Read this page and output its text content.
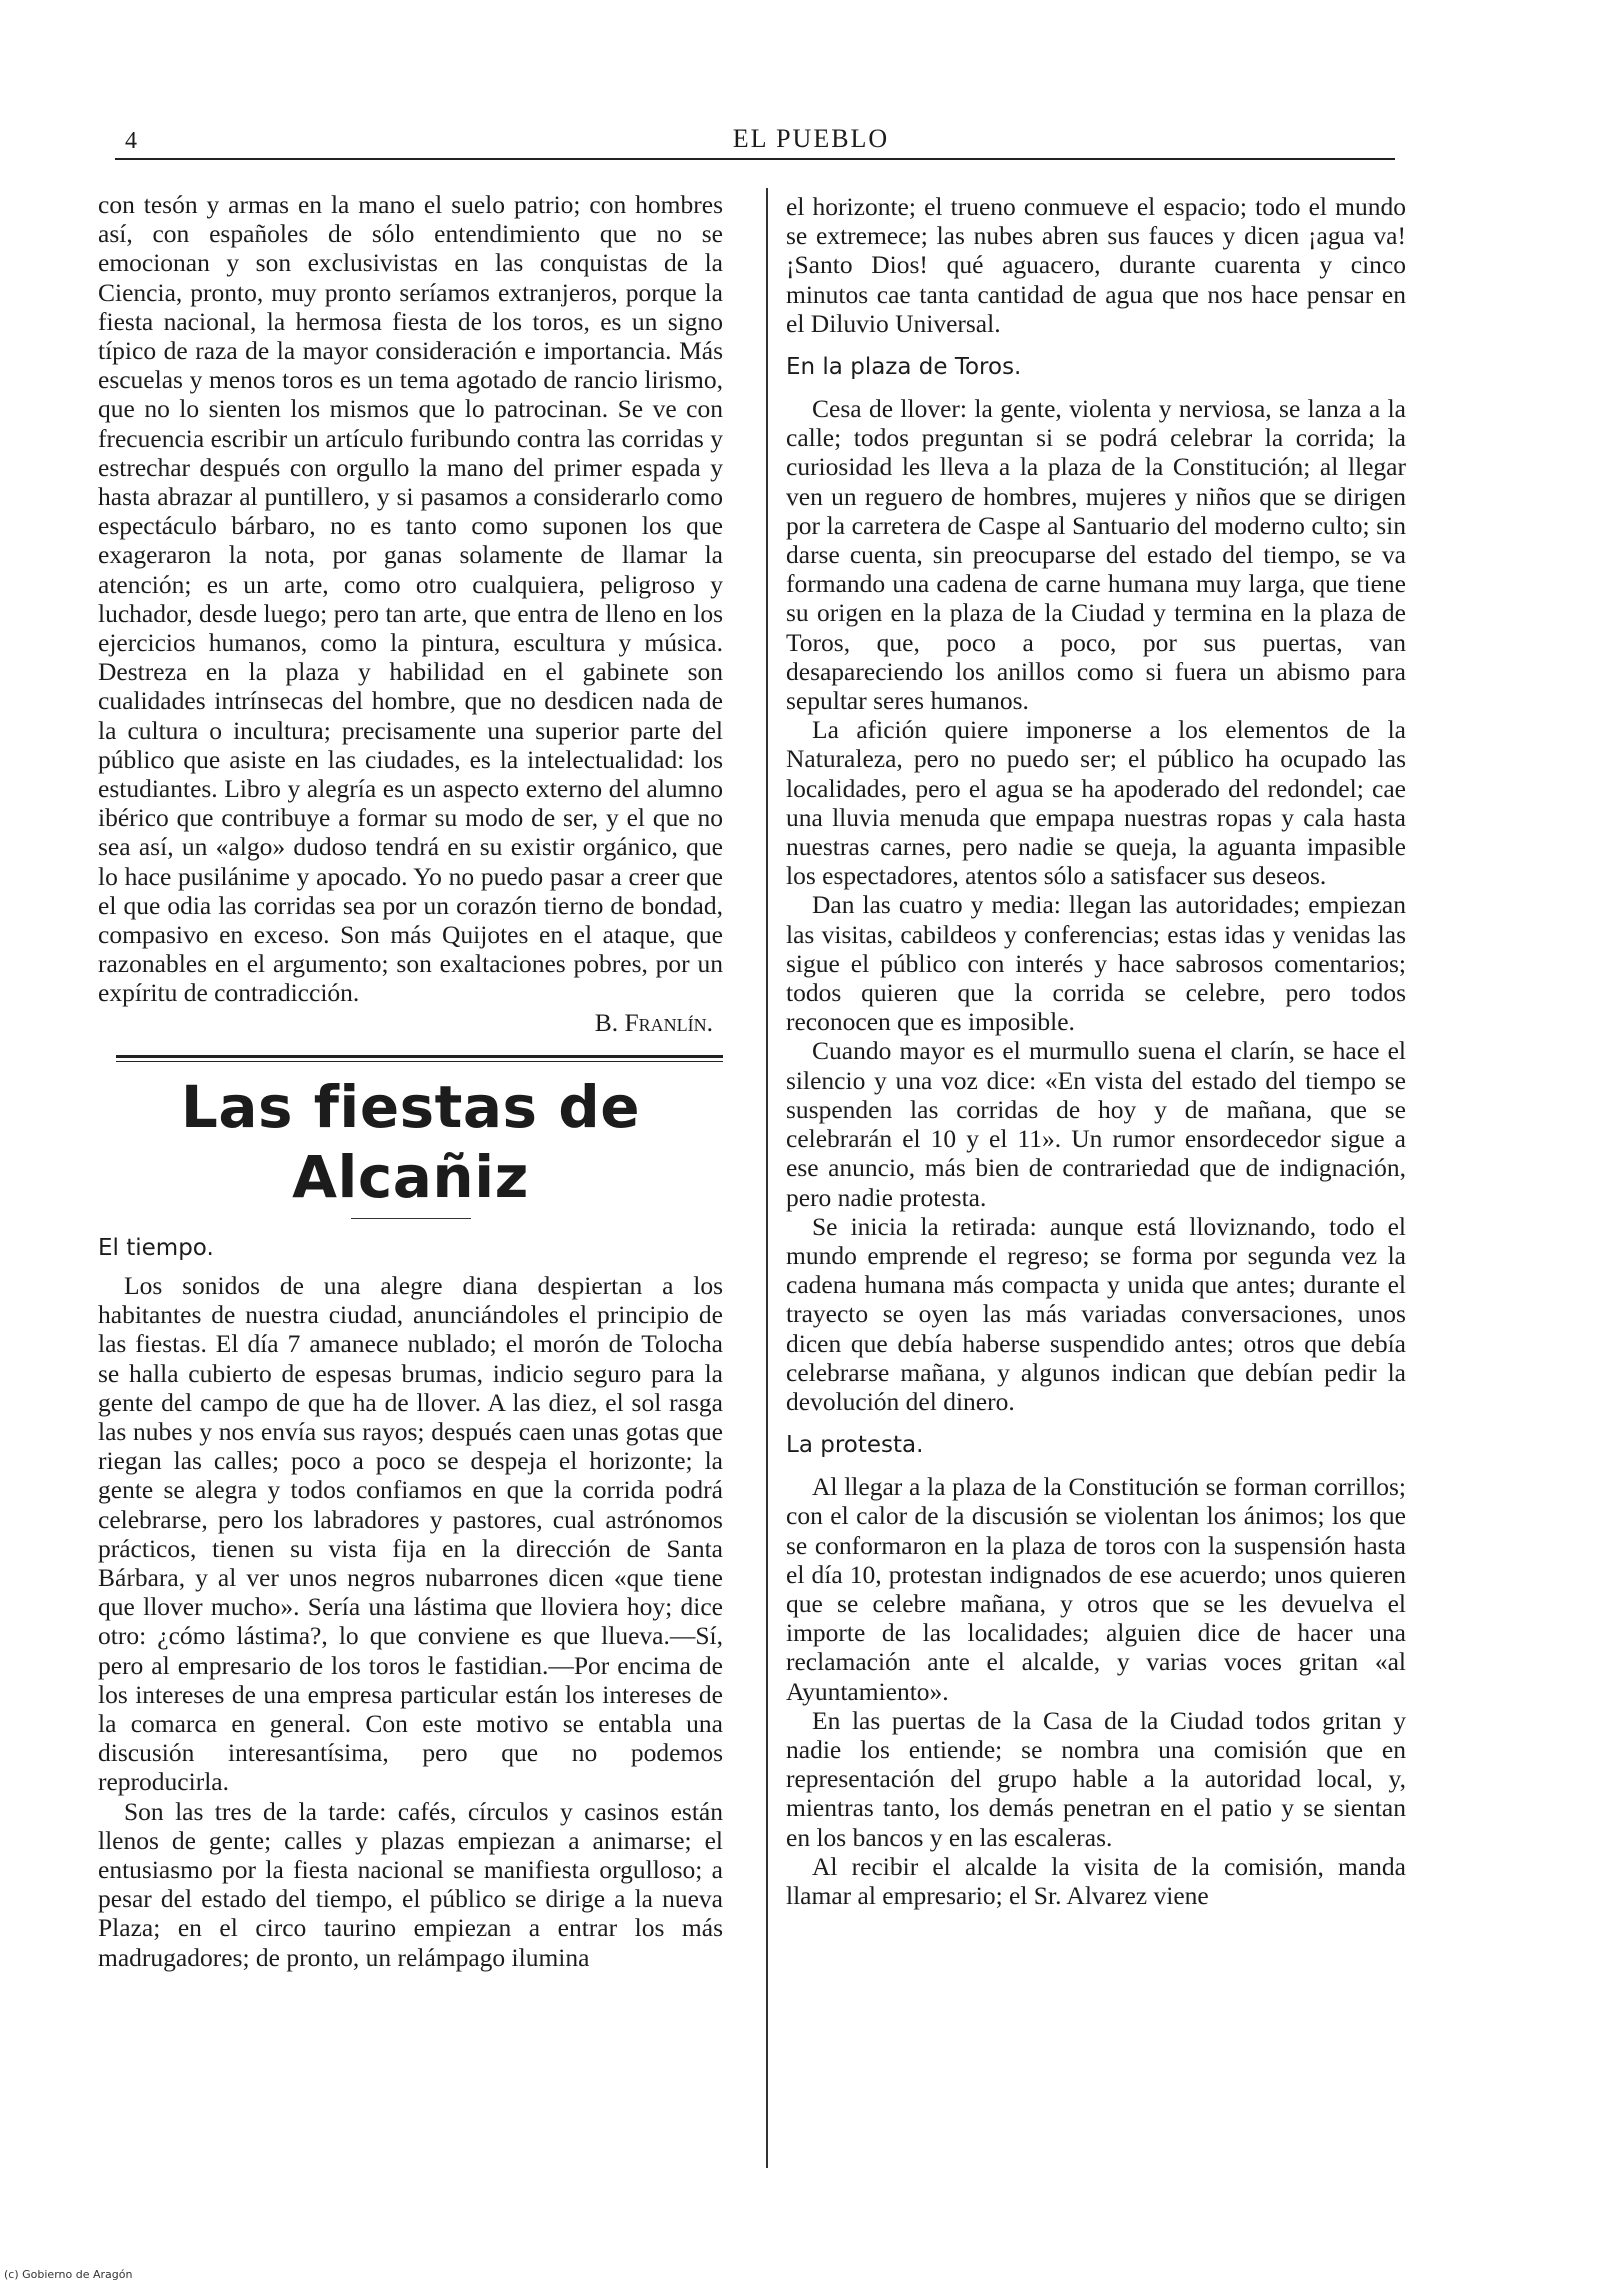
4	EL PUEBLO

con tesón y armas en la mano el suelo patrio; con hombres así, con españoles de sólo entendimiento que no se emocionan y son exclusivistas en las conquistas de la Ciencia, pronto, muy pronto seríamos extranjeros, porque la fiesta nacional, la hermosa fiesta de los toros, es un signo típico de raza de la mayor consideración e importancia. Más escuelas y menos toros es un tema agotado de rancio lirismo, que no lo sienten los mismos que lo patrocinan. Se ve con frecuencia escribir un artículo furibundo contra las corridas y estrechar después con orgullo la mano del primer espada y hasta abrazar al puntillero, y si pasamos a considerarlo como espectáculo bárbaro, no es tanto como suponen los que exageraron la nota, por ganas solamente de llamar la atención; es un arte, como otro cualquiera, peligroso y luchador, desde luego; pero tan arte, que entra de lleno en los ejercicios humanos, como la pintura, escultura y música. Destreza en la plaza y habilidad en el gabinete son cualidades intrínsecas del hombre, que no desdicen nada de la cultura o incultura; precisamente una superior parte del público que asiste en las ciudades, es la intelectualidad: los estudiantes. Libro y alegría es un aspecto externo del alumno ibérico que contribuye a formar su modo de ser, y el que no sea así, un «algo» dudoso tendrá en su existir orgánico, que lo hace pusilánime y apocado. Yo no puedo pasar a creer que el que odia las corridas sea por un corazón tierno de bondad, compasivo en exceso. Son más Quijotes en el ataque, que razonables en el argumento; son exaltaciones pobres, por un expíritu de contradicción.

B. Franlín.
Las fiestas de Alcañiz
El tiempo.

Los sonidos de una alegre diana despiertan a los habitantes de nuestra ciudad, anunciándoles el principio de las fiestas. El día 7 amanece nublado; el morón de Tolocha se halla cubierto de espesas brumas, indicio seguro para la gente del campo de que ha de llover. A las diez, el sol rasga las nubes y nos envía sus rayos; después caen unas gotas que riegan las calles; poco a poco se despeja el horizonte; la gente se alegra y todos confiamos en que la corrida podrá celebrarse, pero los labradores y pastores, cual astrónomos prácticos, tienen su vista fija en la dirección de Santa Bárbara, y al ver unos negros nubarrones dicen «que tiene que llover mucho». Sería una lástima que lloviera hoy; dice otro: ¿cómo lástima?, lo que conviene es que llueva.—Sí, pero al empresario de los toros le fastidian.—Por encima de los intereses de una empresa particular están los intereses de la comarca en general. Con este motivo se entabla una discusión interesantísima, pero que no podemos reproducirla.

Son las tres de la tarde: cafés, círculos y casinos están llenos de gente; calles y plazas empiezan a animarse; el entusiasmo por la fiesta nacional se manifiesta orgulloso; a pesar del estado del tiempo, el público se dirige a la nueva Plaza; en el circo taurino empiezan a entrar los más madrugadores; de pronto, un relámpago ilumina

el horizonte; el trueno conmueve el espacio; todo el mundo se extremece; las nubes abren sus fauces y dicen ¡agua va! ¡Santo Dios! qué aguacero, durante cuarenta y cinco minutos cae tanta cantidad de agua que nos hace pensar en el Diluvio Universal.

En la plaza de Toros.

Cesa de llover: la gente, violenta y nerviosa, se lanza a la calle; todos preguntan si se podrá celebrar la corrida; la curiosidad les lleva a la plaza de la Constitución; al llegar ven un reguero de hombres, mujeres y niños que se dirigen por la carretera de Caspe al Santuario del moderno culto; sin darse cuenta, sin preocuparse del estado del tiempo, se va formando una cadena de carne humana muy larga, que tiene su origen en la plaza de la Ciudad y termina en la plaza de Toros, que, poco a poco, por sus puertas, van desapareciendo los anillos como si fuera un abismo para sepultar seres humanos.

La afición quiere imponerse a los elementos de la Naturaleza, pero no puedo ser; el público ha ocupado las localidades, pero el agua se ha apoderado del redondel; cae una lluvia menuda que empapa nuestras ropas y cala hasta nuestras carnes, pero nadie se queja, la aguanta impasible los espectadores, atentos sólo a satisfacer sus deseos.

Dan las cuatro y media: llegan las autoridades; empiezan las visitas, cabildeos y conferencias; estas idas y venidas las sigue el público con interés y hace sabrosos comentarios; todos quieren que la corrida se celebre, pero todos reconocen que es imposible.

Cuando mayor es el murmullo suena el clarín, se hace el silencio y una voz dice: «En vista del estado del tiempo se suspenden las corridas de hoy y de mañana, que se celebrarán el 10 y el 11». Un rumor ensordecedor sigue a ese anuncio, más bien de contrariedad que de indignación, pero nadie protesta.

Se inicia la retirada: aunque está lloviznando, todo el mundo emprende el regreso; se forma por segunda vez la cadena humana más compacta y unida que antes; durante el trayecto se oyen las más variadas conversaciones, unos dicen que debía haberse suspendido antes; otros que debía celebrarse mañana, y algunos indican que debían pedir la devolución del dinero.

La protesta.

Al llegar a la plaza de la Constitución se forman corrillos; con el calor de la discusión se violentan los ánimos; los que se conformaron en la plaza de toros con la suspensión hasta el día 10, protestan indignados de ese acuerdo; unos quieren que se celebre mañana, y otros que se les devuelva el importe de las localidades; alguien dice de hacer una reclamación ante el alcalde, y varias voces gritan «al Ayuntamiento».

En las puertas de la Casa de la Ciudad todos gritan y nadie los entiende; se nombra una comisión que en representación del grupo hable a la autoridad local, y, mientras tanto, los demás penetran en el patio y se sientan en los bancos y en las escaleras.

Al recibir el alcalde la visita de la comisión, manda llamar al empresario; el Sr. Alvarez viene

(c) Gobierno de Aragón
